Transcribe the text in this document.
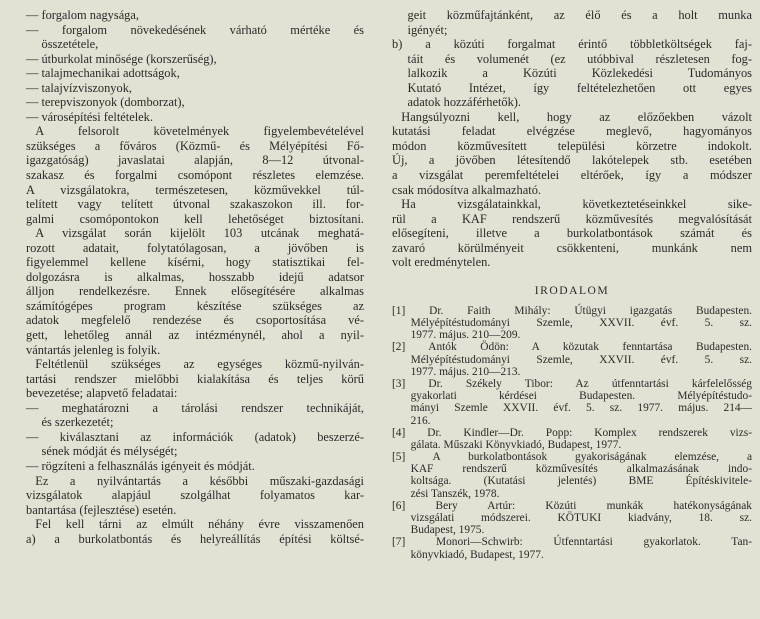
— forgalom nagysága,
— forgalom növekedésének várható mértéke és
összetétele,
— útburkolat minősége (korszerűség),
— talajmechanikai adottságok,
— talajvízviszonyok,
— terepviszonyok (domborzat),
— városépítési feltételek.
A felsorolt követelmények figyelembevételével
szükséges a főváros (Közmű- és Mélyépítési Fő-
igazgatóság) javaslatai alapján, 8—12 útvonal-
szakasz és forgalmi csomópont részletes elemzése.
A vizsgálatokra, természetesen, közművekkel túl-
telített vagy telített útvonal szakaszokon ill. for-
galmi csomópontokon kell lehetőséget biztosítani.
A vizsgálat során kijelölt 103 utcának meghatá-
rozott adatait, folytatólagosan, a jövőben is
figyelemmel kellene kísérni, hogy statisztikai fel-
dolgozásra is alkalmas, hosszabb idejű adatsor
álljon rendelkezésre. Ennek elősegítésére alkalmas
számítógépes program készítése szükséges az
adatok megfelelő rendezése és csoportosítása vé-
gett, lehetőleg annál az intézménynél, ahol a nyil-
vántartás jelenleg is folyik.
Feltétlenül szükséges az egységes közmű-nyilván-
tartási rendszer mielőbbi kialakítása és teljes körű
bevezetése; alapvető feladatai:
— meghatározni a tárolási rendszer technikáját,
és szerkezetét;
— kiválasztani az információk (adatok) beszerzé-
sének módját és mélységét;
— rögzíteni a felhasználás igényeit és módját.
Ez a nyilvántartás a későbbi műszaki-gazdasági
vizsgálatok alapjául szolgálhat folyamatos kar-
bantartása (fejlesztése) esetén.
Fel kell tárni az elmúlt néhány évre visszamenően
a) a burkolatbontás és helyreállítás építési költsé-
geit közműfajtánként, az élő és a holt munka
igényét;
b) a közúti forgalmat érintő többletköltségek faj-
táit és volumenét (ez utóbbival részletesen fog-
lalkozik a Közúti Közlekedési Tudományos
Kutató Intézet, így feltételezhetően ott egyes
adatok hozzáférhetők).
Hangsúlyozni kell, hogy az előzőekben vázolt
kutatási feladat elvégzése meglevő, hagyományos
módon közművesített települési körzetre indokolt.
Új, a jövőben létesítendő lakótelepek stb. esetében
a vizsgálat peremfeltételei eltérőek, így a módszer
csak módosítva alkalmazható.
Ha vizsgálatainkkal, következtetéseinkkel sike-
rül a KAF rendszerű közművesítés megvalósítását
elősegíteni, illetve a burkolatbontások számát és
zavaró körülményeit csökkenteni, munkánk nem
volt eredménytelen.
IRODALOM
[1] Dr. Faith Mihály: Útügyi igazgatás Budapesten.
Mélyépítéstudományi Szemle, XXVII. évf. 5. sz.
1977. május. 210—209.
[2] Antók Ödön: A közutak fenntartása Budapesten.
Mélyépítéstudományi Szemle, XXVII. évf. 5. sz.
1977. május. 210—213.
[3] Dr. Székely Tibor: Az útfenntartási kárfelelősség
gyakorlati kérdései Budapesten. Mélyépítéstudo-
mányi Szemle XXVII. évf. 5. sz. 1977. május. 214—
216.
[4] Dr. Kindler—Dr. Popp: Komplex rendszerek vizs-
gálata. Műszaki Könyvkiadó, Budapest, 1977.
[5] A burkolatbontások gyakoriságának elemzése, a
KAF rendszerű közművesítés alkalmazásának indo-
koltsága. (Kutatási jelentés) BME Építéskivitele-
zési Tanszék, 1978.
[6] Bery Artúr: Közúti munkák hatékonyságának
vizsgálati módszerei. KÖTUKI kiadvány, 18. sz.
Budapest, 1975.
[7] Monori—Schwirb: Útfenntartási gyakorlatok. Tan-
könyvkiadó, Budapest, 1977.
